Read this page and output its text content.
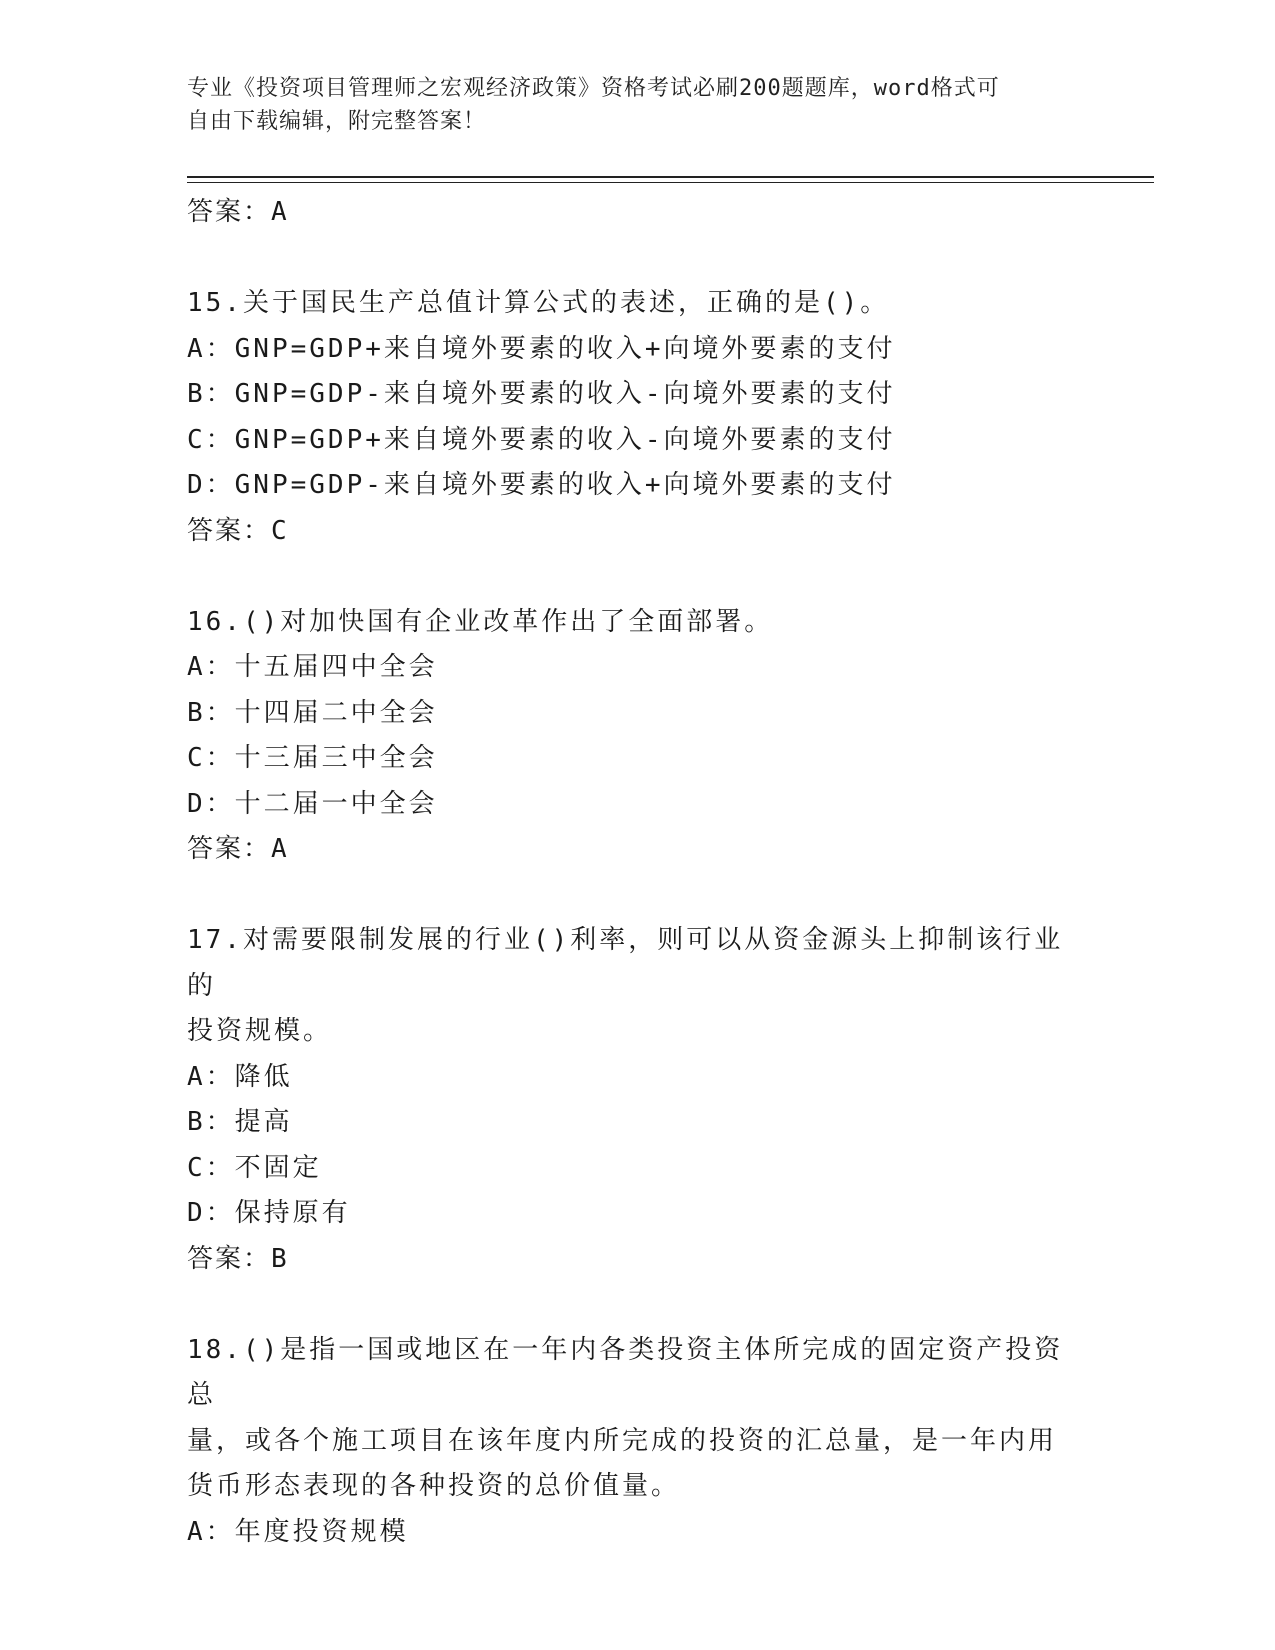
专业《投资项目管理师之宏观经济政策》资格考试必刷200题题库，word格式可
自由下载编辑，附完整答案！

答案：A

15.关于国民生产总值计算公式的表述，正确的是()。

A：GNP=GDP+来自境外要素的收入+向境外要素的支付

B：GNP=GDP-来自境外要素的收入-向境外要素的支付

C：GNP=GDP+来自境外要素的收入-向境外要素的支付

D：GNP=GDP-来自境外要素的收入+向境外要素的支付

答案：C

16.()对加快国有企业改革作出了全面部署。

A：十五届四中全会

B：十四届二中全会

C：十三届三中全会

D：十二届一中全会

答案：A

17.对需要限制发展的行业()利率，则可以从资金源头上抑制该行业的

投资规模。

A：降低

B：提高

C：不固定

D：保持原有

答案：B

18.()是指一国或地区在一年内各类投资主体所完成的固定资产投资总

量，或各个施工项目在该年度内所完成的投资的汇总量，是一年内用

货币形态表现的各种投资的总价值量。

A：年度投资规模
